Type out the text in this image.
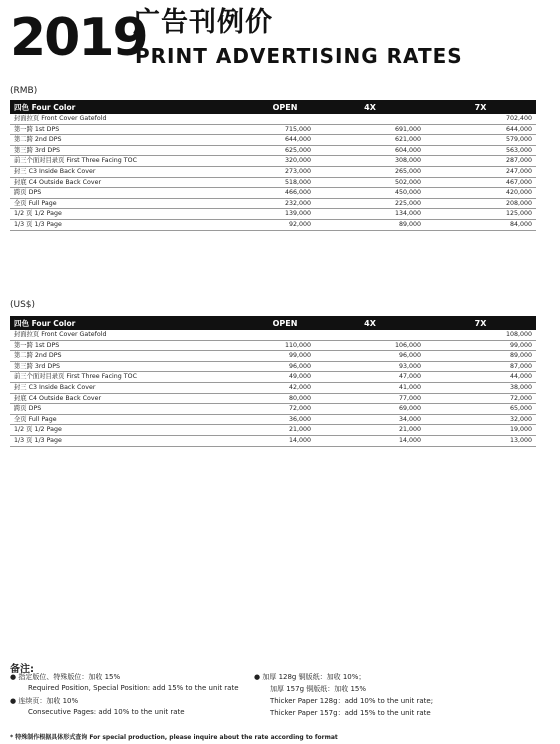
2019
广告刊例价
PRINT ADVERTISING RATES
(RMB)
四色 Four Color	OPEN	4X	7X
封面拉页 Front Cover Gatefold			702,400
第一跨 1st DPS	715,000	691,000	644,000
第二跨 2nd DPS	644,000	621,000	579,000
第三跨 3rd DPS	625,000	604,000	563,000
前三个面对目录页 First Three Facing TOC	320,000	308,000	287,000
封三 C3 Inside Back Cover	273,000	265,000	247,000
封底 C4 Outside Back Cover	518,000	502,000	467,000
跨页 DPS	466,000	450,000	420,000
全页 Full Page	232,000	225,000	208,000
1/2 页 1/2 Page	139,000	134,000	125,000
1/3 页 1/3 Page	92,000	89,000	84,000
(US$)
四色 Four Color	OPEN	4X	7X
封面拉页 Front Cover Gatefold			108,000
第一跨 1st DPS	110,000	106,000	99,000
第二跨 2nd DPS	99,000	96,000	89,000
第三跨 3rd DPS	96,000	93,000	87,000
前三个面对目录页 First Three Facing TOC	49,000	47,000	44,000
封三 C3 Inside Back Cover	42,000	41,000	38,000
封底 C4 Outside Back Cover	80,000	77,000	72,000
跨页 DPS	72,000	69,000	65,000
全页 Full Page	36,000	34,000	32,000
1/2 页 1/2 Page	21,000	21,000	19,000
1/3 页 1/3 Page	14,000	14,000	13,000
备注:
● 指定版位、特殊版位：加收 15%
Required Position, Special Position: add 15% to the unit rate
● 连续页：加收 10%
Consecutive Pages: add 10% to the unit rate
● 加厚 128g 铜版纸：加收 10%；
加厚 157g 铜版纸：加收 15%
Thicker Paper 128g：add 10% to the unit rate;
Thicker Paper 157g：add 15% to the unit rate
* 特殊制作根据具体形式查询 For special production, please inquire about the rate according to format
